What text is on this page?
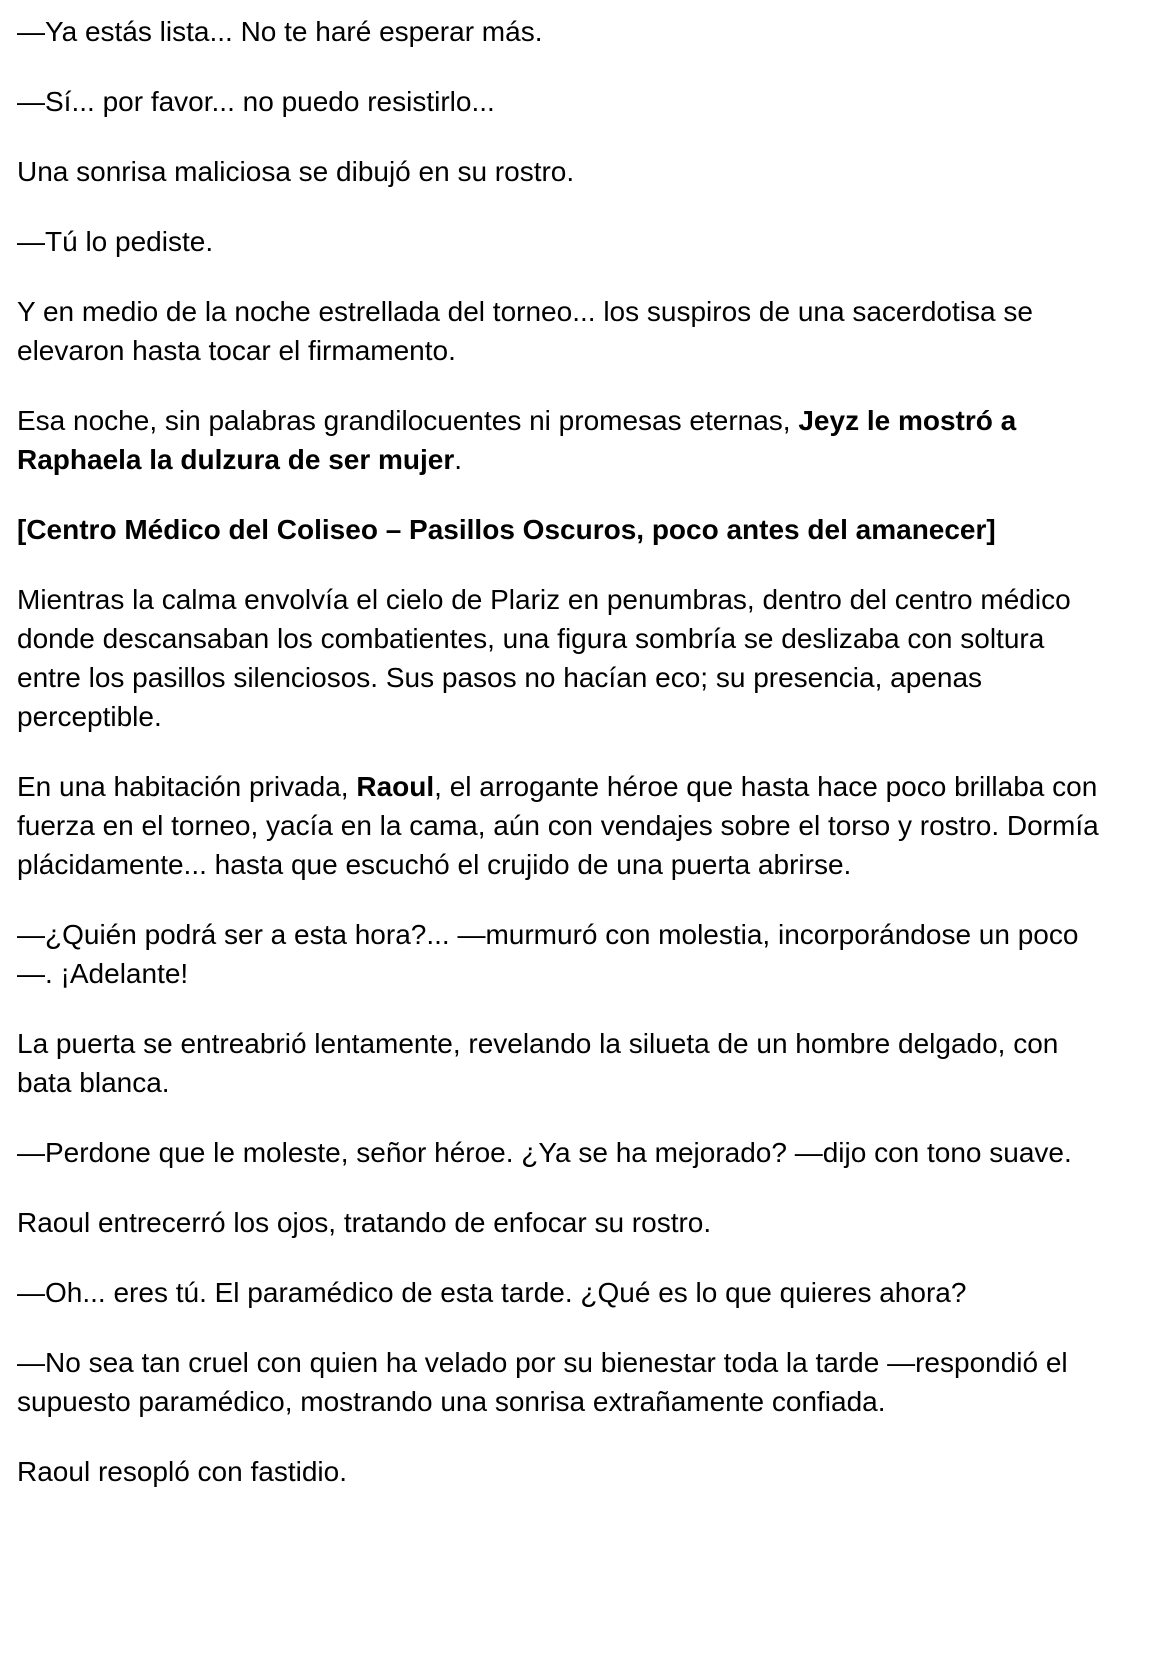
—Ya estás lista... No te haré esperar más.

—Sí... por favor... no puedo resistirlo...

Una sonrisa maliciosa se dibujó en su rostro.

—Tú lo pediste.

Y en medio de la noche estrellada del torneo... los suspiros de una sacerdotisa se elevaron hasta tocar el firmamento.

Esa noche, sin palabras grandilocuentes ni promesas eternas, Jeyz le mostró a Raphaela la dulzura de ser mujer.

[Centro Médico del Coliseo – Pasillos Oscuros, poco antes del amanecer]

Mientras la calma envolvía el cielo de Plariz en penumbras, dentro del centro médico donde descansaban los combatientes, una figura sombría se deslizaba con soltura entre los pasillos silenciosos. Sus pasos no hacían eco; su presencia, apenas perceptible.

En una habitación privada, Raoul, el arrogante héroe que hasta hace poco brillaba con fuerza en el torneo, yacía en la cama, aún con vendajes sobre el torso y rostro. Dormía plácidamente... hasta que escuchó el crujido de una puerta abrirse.

—¿Quién podrá ser a esta hora?... —murmuró con molestia, incorporándose un poco—. ¡Adelante!

La puerta se entreabrió lentamente, revelando la silueta de un hombre delgado, con bata blanca.

—Perdone que le moleste, señor héroe. ¿Ya se ha mejorado? —dijo con tono suave.

Raoul entrecerró los ojos, tratando de enfocar su rostro.

—Oh... eres tú. El paramédico de esta tarde. ¿Qué es lo que quieres ahora?

—No sea tan cruel con quien ha velado por su bienestar toda la tarde —respondió el supuesto paramédico, mostrando una sonrisa extrañamente confiada.

Raoul resopló con fastidio.
